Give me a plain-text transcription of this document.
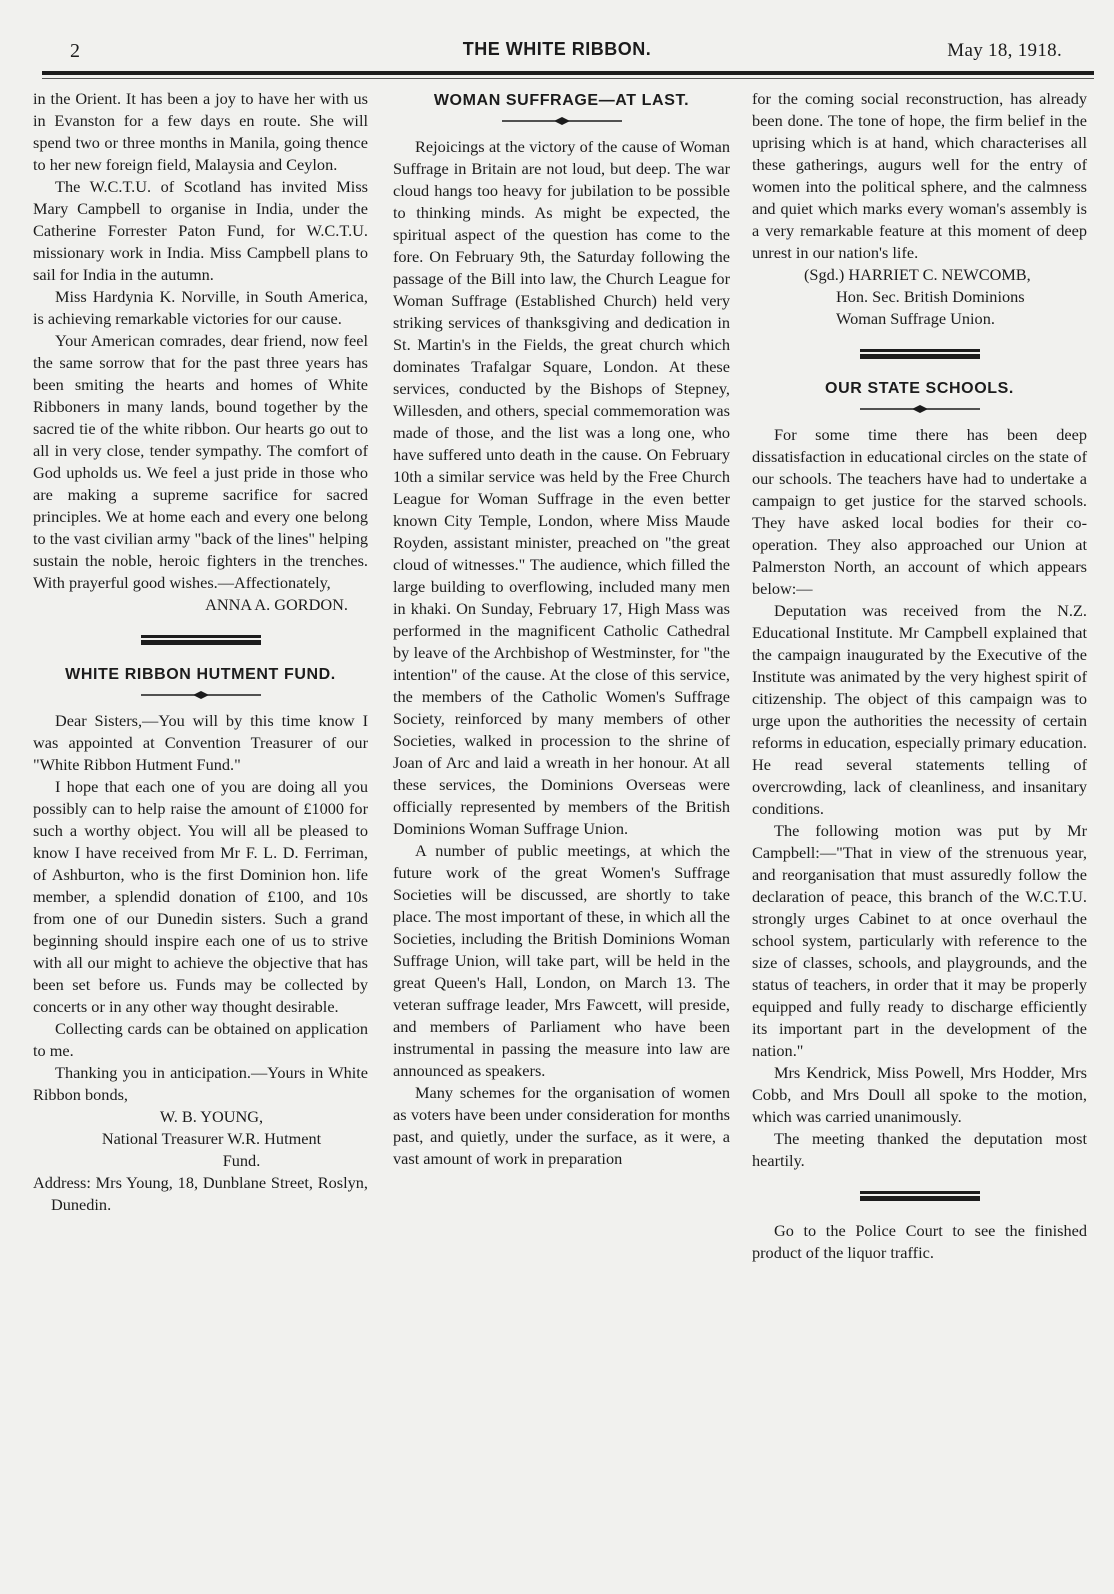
2	THE WHITE RIBBON.	May 18, 1918.

in the Orient. It has been a joy to have her with us in Evanston for a few days en route. She will spend two or three months in Manila, going thence to her new foreign field, Malaysia and Ceylon.

The W.C.T.U. of Scotland has invited Miss Mary Campbell to organise in India, under the Catherine Forrester Paton Fund, for W.C.T.U. missionary work in India. Miss Campbell plans to sail for India in the autumn.

Miss Hardynia K. Norville, in South America, is achieving remarkable victories for our cause.

Your American comrades, dear friend, now feel the same sorrow that for the past three years has been smiting the hearts and homes of White Ribboners in many lands, bound together by the sacred tie of the white ribbon. Our hearts go out to all in very close, tender sympathy. The comfort of God upholds us. We feel a just pride in those who are making a supreme sacrifice for sacred principles. We at home each and every one belong to the vast civilian army "back of the lines" helping sustain the noble, heroic fighters in the trenches. With prayerful good wishes.—Affectionately,

ANNA A. GORDON.

WHITE RIBBON HUTMENT FUND.

Dear Sisters,—You will by this time know I was appointed at Convention Treasurer of our "White Ribbon Hutment Fund."

I hope that each one of you are doing all you possibly can to help raise the amount of £1000 for such a worthy object. You will all be pleased to know I have received from Mr F. L. D. Ferriman, of Ashburton, who is the first Dominion hon. life member, a splendid donation of £100, and 10s from one of our Dunedin sisters. Such a grand beginning should inspire each one of us to strive with all our might to achieve the objective that has been set before us. Funds may be collected by concerts or in any other way thought desirable.

Collecting cards can be obtained on application to me.

Thanking you in anticipation.—Yours in White Ribbon bonds,

W. B. YOUNG,

National Treasurer W.R. Hutment

Fund.

Address: Mrs Young, 18, Dunblane Street, Roslyn, Dunedin.

WOMAN SUFFRAGE—AT LAST.

Rejoicings at the victory of the cause of Woman Suffrage in Britain are not loud, but deep. The war cloud hangs too heavy for jubilation to be possible to thinking minds. As might be expected, the spiritual aspect of the question has come to the fore. On February 9th, the Saturday following the passage of the Bill into law, the Church League for Woman Suffrage (Established Church) held very striking services of thanksgiving and dedication in St. Martin's in the Fields, the great church which dominates Trafalgar Square, London. At these services, conducted by the Bishops of Stepney, Willesden, and others, special commemoration was made of those, and the list was a long one, who have suffered unto death in the cause. On February 10th a similar service was held by the Free Church League for Woman Suffrage in the even better known City Temple, London, where Miss Maude Royden, assistant minister, preached on "the great cloud of witnesses." The audience, which filled the large building to overflowing, included many men in khaki. On Sunday, February 17, High Mass was performed in the magnificent Catholic Cathedral by leave of the Archbishop of Westminster, for "the intention" of the cause. At the close of this service, the members of the Catholic Women's Suffrage Society, reinforced by many members of other Societies, walked in procession to the shrine of Joan of Arc and laid a wreath in her honour. At all these services, the Dominions Overseas were officially represented by members of the British Dominions Woman Suffrage Union.

A number of public meetings, at which the future work of the great Women's Suffrage Societies will be discussed, are shortly to take place. The most important of these, in which all the Societies, including the British Dominions Woman Suffrage Union, will take part, will be held in the great Queen's Hall, London, on March 13. The veteran suffrage leader, Mrs Fawcett, will preside, and members of Parliament who have been instrumental in passing the measure into law are announced as speakers.

Many schemes for the organisation of women as voters have been under consideration for months past, and quietly, under the surface, as it were, a vast amount of work in preparation

for the coming social reconstruction, has already been done. The tone of hope, the firm belief in the uprising which is at hand, which characterises all these gatherings, augurs well for the entry of women into the political sphere, and the calmness and quiet which marks every woman's assembly is a very remarkable feature at this moment of deep unrest in our nation's life.

(Sgd.) HARRIET C. NEWCOMB,

Hon. Sec. British Dominions

Woman Suffrage Union.

OUR STATE SCHOOLS.

For some time there has been deep dissatisfaction in educational circles on the state of our schools. The teachers have had to undertake a campaign to get justice for the starved schools. They have asked local bodies for their co-operation. They also approached our Union at Palmerston North, an account of which appears below:—

Deputation was received from the N.Z. Educational Institute. Mr Campbell explained that the campaign inaugurated by the Executive of the Institute was animated by the very highest spirit of citizenship. The object of this campaign was to urge upon the authorities the necessity of certain reforms in education, especially primary education. He read several statements telling of overcrowding, lack of cleanliness, and insanitary conditions.

The following motion was put by Mr Campbell:—"That in view of the strenuous year, and reorganisation that must assuredly follow the declaration of peace, this branch of the W.C.T.U. strongly urges Cabinet to at once overhaul the school system, particularly with reference to the size of classes, schools, and playgrounds, and the status of teachers, in order that it may be properly equipped and fully ready to discharge efficiently its important part in the development of the nation."

Mrs Kendrick, Miss Powell, Mrs Hodder, Mrs Cobb, and Mrs Doull all spoke to the motion, which was carried unanimously.

The meeting thanked the deputation most heartily.

Go to the Police Court to see the finished product of the liquor traffic.
